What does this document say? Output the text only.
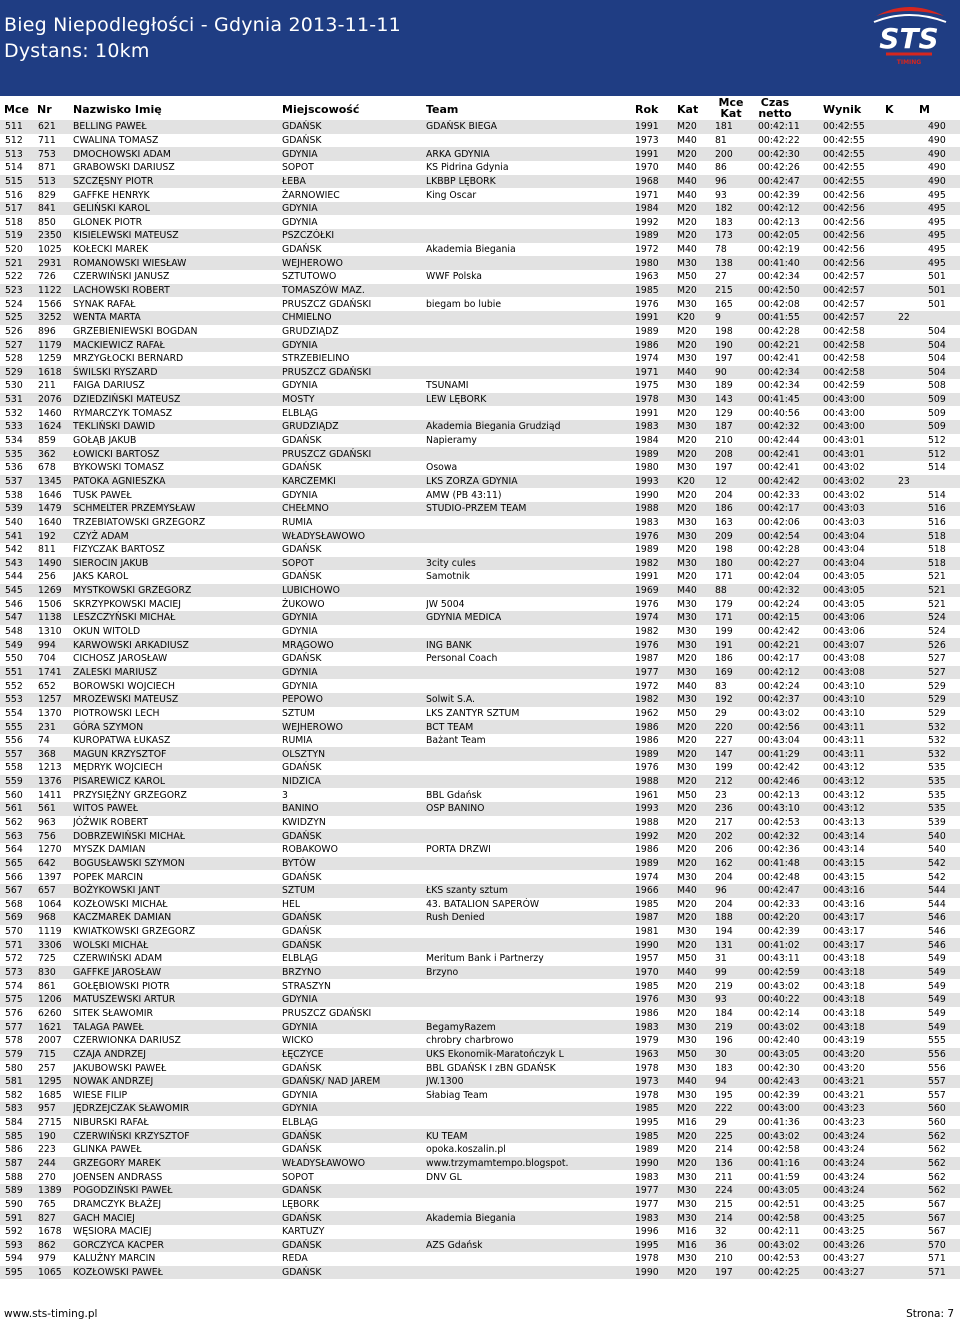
Bieg Niepodległości - Gdynia 2013-11-11
Dystans: 10km	STS
TIMING
Mce Nr Nazwisko Imię	Miejscowość	Team	Rok Kat
Mce
Kat
Czas
netto	Wynik K M
511	621	BELLING PAWEŁ	GDAŃSK	GDAŃSK BIEGA	1991	M20	181	00:42:11	00:42:55		490
512	711	CWALINA TOMASZ	GDAŃSK		1973	M40	81	00:42:22	00:42:55		490
513	753	DMOCHOWSKI ADAM	GDYNIA	ARKA GDYNIA	1991	M20	200	00:42:30	00:42:55		490
514	871	GRABOWSKI DARIUSZ	SOPOT	KS Pidrina Gdynia	1970	M40	86	00:42:26	00:42:55		490
515	513	SZCZĘSNY PIOTR	ŁEBA	LKBBP LĘBORK	1968	M40	96	00:42:47	00:42:55		490
516	829	GAFFKE HENRYK	ŻARNOWIEC	King Oscar	1971	M40	93	00:42:39	00:42:56		495
517	841	GELIŃSKI KAROL	GDYNIA		1984	M20	182	00:42:12	00:42:56		495
518	850	GLONEK PIOTR	GDYNIA		1992	M20	183	00:42:13	00:42:56		495
519	2350	KISIELEWSKI MATEUSZ	PSZCZÓŁKI		1989	M20	173	00:42:05	00:42:56		495
520	1025	KOŁECKI MAREK	GDAŃSK	Akademia Biegania	1972	M40	78	00:42:19	00:42:56		495
521	2931	ROMANOWSKI WIESŁAW	WEJHEROWO		1980	M30	138	00:41:40	00:42:56		495
522	726	CZERWIŃSKI JANUSZ	SZTUTOWO	WWF Polska	1963	M50	27	00:42:34	00:42:57		501
523	1122	LACHOWSKI ROBERT	TOMASZÓW MAZ.		1985	M20	215	00:42:50	00:42:57		501
524	1566	SYNAK RAFAŁ	PRUSZCZ GDAŃSKI	biegam bo lubie	1976	M30	165	00:42:08	00:42:57		501
525	3252	WENTA MARTA	CHMIELNO		1991	K20	9	00:41:55	00:42:57	22	
526	896	GRZEBIENIEWSKI BOGDAN	GRUDZIĄDZ		1989	M20	198	00:42:28	00:42:58		504
527	1179	MACKIEWICZ RAFAŁ	GDYNIA		1986	M20	190	00:42:21	00:42:58		504
528	1259	MRZYGŁOCKI BERNARD	STRZEBIELINO		1974	M30	197	00:42:41	00:42:58		504
529	1618	ŚWILSKI RYSZARD	PRUSZCZ GDAŃSKI		1971	M40	90	00:42:34	00:42:58		504
530	211	FAIGA DARIUSZ	GDYNIA	TSUNAMI	1975	M30	189	00:42:34	00:42:59		508
531	2076	DZIEDZIŃSKI MATEUSZ	MOSTY	LEW LĘBORK	1978	M30	143	00:41:45	00:43:00		509
532	1460	RYMARCZYK TOMASZ	ELBLĄG		1991	M20	129	00:40:56	00:43:00		509
533	1624	TEKLIŃSKI DAWID	GRUDZIĄDZ	Akademia Biegania Grudziąd	1983	M30	187	00:42:32	00:43:00		509
534	859	GOŁĄB JAKUB	GDAŃSK	Napieramy	1984	M20	210	00:42:44	00:43:01		512
535	362	ŁOWICKI BARTOSZ	PRUSZCZ GDAŃSKI		1989	M20	208	00:42:41	00:43:01		512
536	678	BYKOWSKI TOMASZ	GDAŃSK	Osowa	1980	M30	197	00:42:41	00:43:02		514
537	1345	PATOKA AGNIESZKA	KARCZEMKI	LKS ZORZA GDYNIA	1993	K20	12	00:42:42	00:43:02	23	
538	1646	TUSK PAWEŁ	GDYNIA	AMW (PB 43:11)	1990	M20	204	00:42:33	00:43:02		514
539	1479	SCHMELTER PRZEMYSŁAW	CHEŁMNO	STUDIO-PRZEM TEAM	1988	M20	186	00:42:17	00:43:03		516
540	1640	TRZEBIATOWSKI GRZEGORZ	RUMIA		1983	M30	163	00:42:06	00:43:03		516
541	192	CZYŻ ADAM	WŁADYSŁAWOWO		1976	M30	209	00:42:54	00:43:04		518
542	811	FIZYCZAK BARTOSZ	GDAŃSK		1989	M20	198	00:42:28	00:43:04		518
543	1490	SIEROCIN JAKUB	SOPOT	3city cules	1982	M30	180	00:42:27	00:43:04		518
544	256	JAKS KAROL	GDAŃSK	Samotnik	1991	M20	171	00:42:04	00:43:05		521
545	1269	MYSTKOWSKI GRZEGORZ	LUBICHOWO		1969	M40	88	00:42:32	00:43:05		521
546	1506	SKRZYPKOWSKI MACIEJ	ŻUKOWO	JW 5004	1976	M30	179	00:42:24	00:43:05		521
547	1138	LESZCZYŃSKI MICHAŁ	GDYNIA	GDYNIA MEDICA	1974	M30	171	00:42:15	00:43:06		524
548	1310	OKUN WITOLD	GDYNIA		1982	M30	199	00:42:42	00:43:06		524
549	994	KARWOWSKI ARKADIUSZ	MRĄGOWO	ING BANK	1976	M30	191	00:42:21	00:43:07		526
550	704	CICHOSZ JAROSŁAW	GDAŃSK	Personal Coach	1987	M20	186	00:42:17	00:43:08		527
551	1741	ZALESKI MARIUSZ	GDYNIA		1977	M30	169	00:42:12	00:43:08		527
552	652	BOROWSKI WOJCIECH	GDYNIA		1972	M40	83	00:42:24	00:43:10		529
553	1257	MROZEWSKI MATEUSZ	PEPOWO	Solwit S.A.	1982	M30	192	00:42:37	00:43:10		529
554	1370	PIOTROWSKI LECH	SZTUM	LKS ZANTYR SZTUM	1962	M50	29	00:43:02	00:43:10		529
555	231	GÓRA SZYMON	WEJHEROWO	BCT TEAM	1986	M20	220	00:42:56	00:43:11		532
556	74	KUROPATWA ŁUKASZ	RUMIA	Bażant Team	1986	M20	227	00:43:04	00:43:11		532
557	368	MAGUN KRZYSZTOF	OLSZTYN		1989	M20	147	00:41:29	00:43:11		532
558	1213	MĘDRYK WOJCIECH	GDAŃSK		1976	M30	199	00:42:42	00:43:12		535
559	1376	PISAREWICZ KAROL	NIDZICA		1988	M20	212	00:42:46	00:43:12		535
560	1411	PRZYSIĘŻNY GRZEGORZ	3	BBL Gdańsk	1961	M50	23	00:42:13	00:43:12		535
561	561	WITOS PAWEŁ	BANINO	OSP BANINO	1993	M20	236	00:43:10	00:43:12		535
562	963	JÓŹWIK ROBERT	KWIDZYN		1988	M20	217	00:42:53	00:43:13		539
563	756	DOBRZEWIŃSKI MICHAŁ	GDAŃSK		1992	M20	202	00:42:32	00:43:14		540
564	1270	MYSZK DAMIAN	ROBAKOWO	PORTA DRZWI	1986	M20	206	00:42:36	00:43:14		540
565	642	BOGUSŁAWSKI SZYMON	BYTÓW		1989	M20	162	00:41:48	00:43:15		542
566	1397	POPEK MARCIN	GDAŃSK		1974	M30	204	00:42:48	00:43:15		542
567	657	BOŻYKOWSKI JANT	SZTUM	ŁKS szanty sztum	1966	M40	96	00:42:47	00:43:16		544
568	1064	KOZŁOWSKI MICHAŁ	HEL	43. BATALION SAPERÓW	1985	M20	204	00:42:33	00:43:16		544
569	968	KACZMAREK DAMIAN	GDAŃSK	Rush Denied	1987	M20	188	00:42:20	00:43:17		546
570	1119	KWIATKOWSKI GRZEGORZ	GDAŃSK		1981	M30	194	00:42:39	00:43:17		546
571	3306	WOLSKI MICHAŁ	GDAŃSK		1990	M20	131	00:41:02	00:43:17		546
572	725	CZERWIŃSKI ADAM	ELBLĄG	Meritum Bank i Partnerzy	1957	M50	31	00:43:11	00:43:18		549
573	830	GAFFKE JAROSŁAW	BRZYNO	Brzyno	1970	M40	99	00:42:59	00:43:18		549
574	861	GOŁĘBIOWSKI PIOTR	STRASZYN		1985	M20	219	00:43:02	00:43:18		549
575	1206	MATUSZEWSKI ARTUR	GDYNIA		1976	M30	93	00:40:22	00:43:18		549
576	6260	SITEK SŁAWOMIR	PRUSZCZ GDAŃSKI		1986	M20	184	00:42:14	00:43:18		549
577	1621	TALAGA PAWEŁ	GDYNIA	BegamyRazem	1983	M30	219	00:43:02	00:43:18		549
578	2007	CZERWIONKA DARIUSZ	WICKO	chrobry charbrowo	1979	M30	196	00:42:40	00:43:19		555
579	715	CZAJA ANDRZEJ	ŁĘCZYCE	UKS Ekonomik-Maratończyk L	1963	M50	30	00:43:05	00:43:20		556
580	257	JAKUBOWSKI PAWEŁ	GDAŃSK	BBL GDAŃSK I zBN GDAŃSK	1978	M30	183	00:42:30	00:43:20		556
581	1295	NOWAK ANDRZEJ	GDAŃSK/ NAD JAREM	JW.1300	1973	M40	94	00:42:43	00:43:21		557
582	1685	WIESE FILIP	GDYNIA	Słabiag Team	1978	M30	195	00:42:39	00:43:21		557
583	957	JĘDRZEJCZAK SŁAWOMIR	GDYNIA		1985	M20	222	00:43:00	00:43:23		560
584	2715	NIBURSKI RAFAŁ	ELBLĄG		1995	M16	29	00:41:36	00:43:23		560
585	190	CZERWIŃSKI KRZYSZTOF	GDAŃSK	KU TEAM	1985	M20	225	00:43:02	00:43:24		562
586	223	GLINKA PAWEŁ	GDAŃSK	opoka.koszalin.pl	1989	M20	214	00:42:58	00:43:24		562
587	244	GRZEGORY MAREK	WŁADYSŁAWOWO	www.trzymamtempo.blogspot.	1990	M20	136	00:41:16	00:43:24		562
588	270	JOENSEN ANDRASS	SOPOT	DNV GL	1983	M30	211	00:41:59	00:43:24		562
589	1389	POGODZIŃSKI PAWEŁ	GDAŃSK		1977	M30	224	00:43:05	00:43:24		562
590	765	DRAMCZYK BŁAŻEJ	LĘBORK		1977	M30	215	00:42:51	00:43:25		567
591	827	GACH MACIEJ	GDAŃSK	Akademia Biegania	1983	M30	214	00:42:58	00:43:25		567
592	1678	WĘSIORA MACIEJ	KARTUZY		1996	M16	32	00:42:11	00:43:25		567
593	862	GORCZYCA KACPER	GDAŃSK	AZS Gdańsk	1995	M16	36	00:43:02	00:43:26		570
594	979	KALUŻNY MARCIN	REDA		1978	M30	210	00:42:53	00:43:27		571
595	1065	KOZŁOWSKI PAWEŁ	GDAŃSK		1990	M20	197	00:42:25	00:43:27		571
www.sts-timing.pl	Strona: 7
